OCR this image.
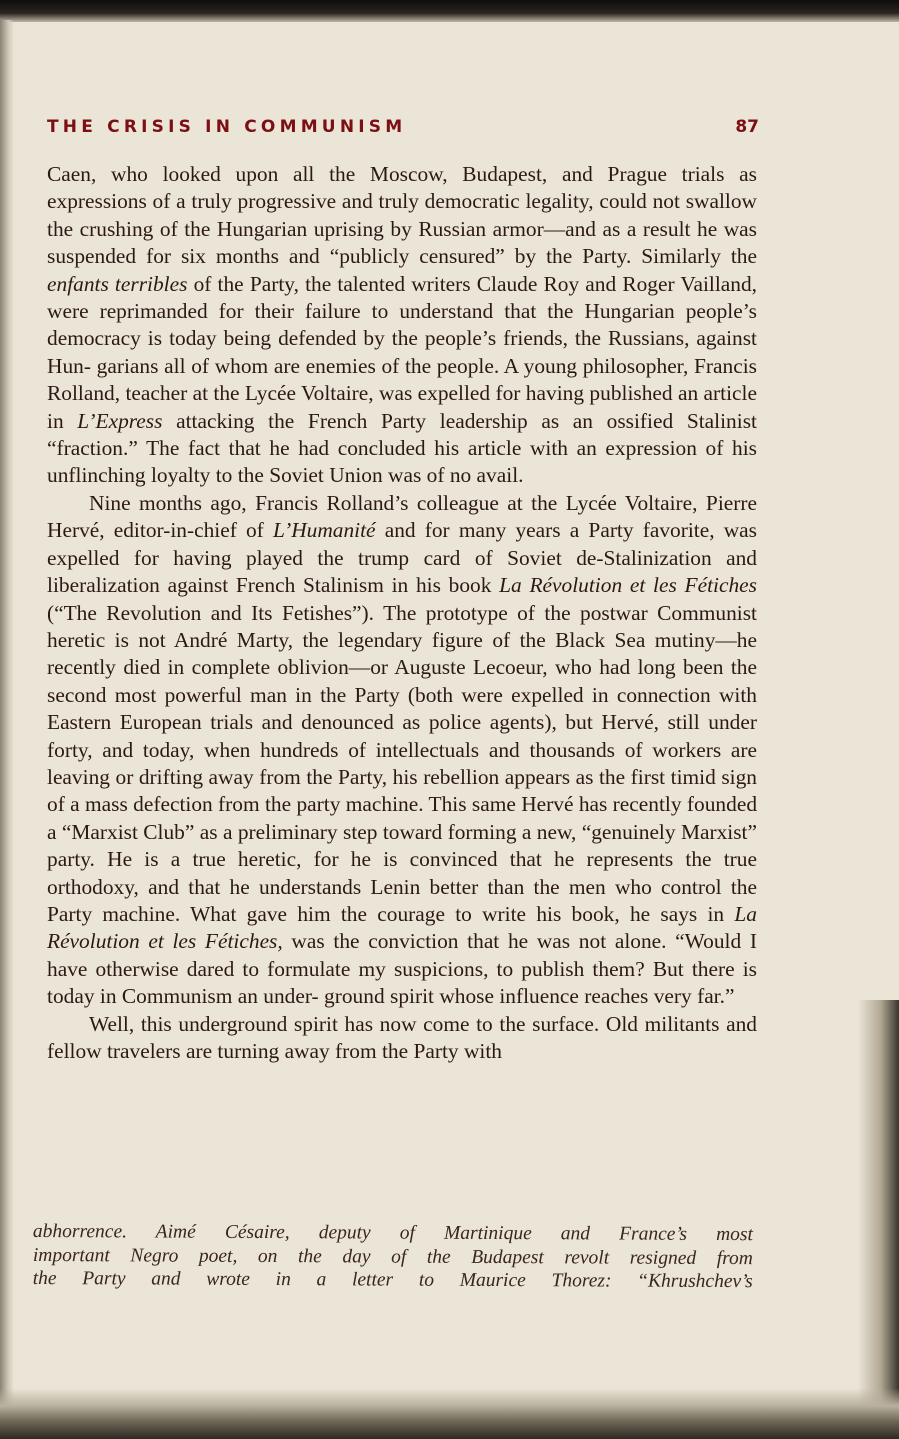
THE CRISIS IN COMMUNISM	87

Caen, who looked upon all the Moscow, Budapest, and Prague trials as expressions of a truly progressive and truly democratic legality, could not swallow the crushing of the Hungarian uprising by Russian armor—and as a result he was suspended for six months and “publicly censured” by the Party. Similarly the enfants terribles of the Party, the talented writers Claude Roy and Roger Vailland, were reprimanded for their failure to understand that the Hungarian people’s democracy is today being defended by the people’s friends, the Russians, against Hun- garians all of whom are enemies of the people. A young philosopher, Francis Rolland, teacher at the Lycée Voltaire, was expelled for having published an article in L’Express attacking the French Party leadership as an ossified Stalinist “fraction.” The fact that he had concluded his article with an expression of his unflinching loyalty to the Soviet Union was of no avail.

Nine months ago, Francis Rolland’s colleague at the Lycée Voltaire, Pierre Hervé, editor-in-chief of L’Humanité and for many years a Party favorite, was expelled for having played the trump card of Soviet de-Stalinization and liberalization against French Stalinism in his book La Révolution et les Fétiches (“The Revolution and Its Fetishes”). The prototype of the postwar Communist heretic is not André Marty, the legendary figure of the Black Sea mutiny—he recently died in complete oblivion—or Auguste Lecoeur, who had long been the second most powerful man in the Party (both were expelled in connection with Eastern European trials and denounced as police agents), but Hervé, still under forty, and today, when hundreds of intellectuals and thousands of workers are leaving or drifting away from the Party, his rebellion appears as the first timid sign of a mass defection from the party machine. This same Hervé has recently founded a “Marxist Club” as a preliminary step toward forming a new, “genuinely Marxist” party. He is a true heretic, for he is convinced that he represents the true orthodoxy, and that he understands Lenin better than the men who control the Party machine. What gave him the courage to write his book, he says in La Révolution et les Fétiches, was the conviction that he was not alone. “Would I have otherwise dared to formulate my suspicions, to publish them? But there is today in Communism an under- ground spirit whose influence reaches very far.”

Well, this underground spirit has now come to the surface. Old militants and fellow travelers are turning away from the Party with

abhorrence. Aimé Césaire, deputy of Martinique and France’s most
important Negro poet, on the day of the Budapest revolt resigned from
the Party and wrote in a letter to Maurice Thorez: “Khrushchev’s
